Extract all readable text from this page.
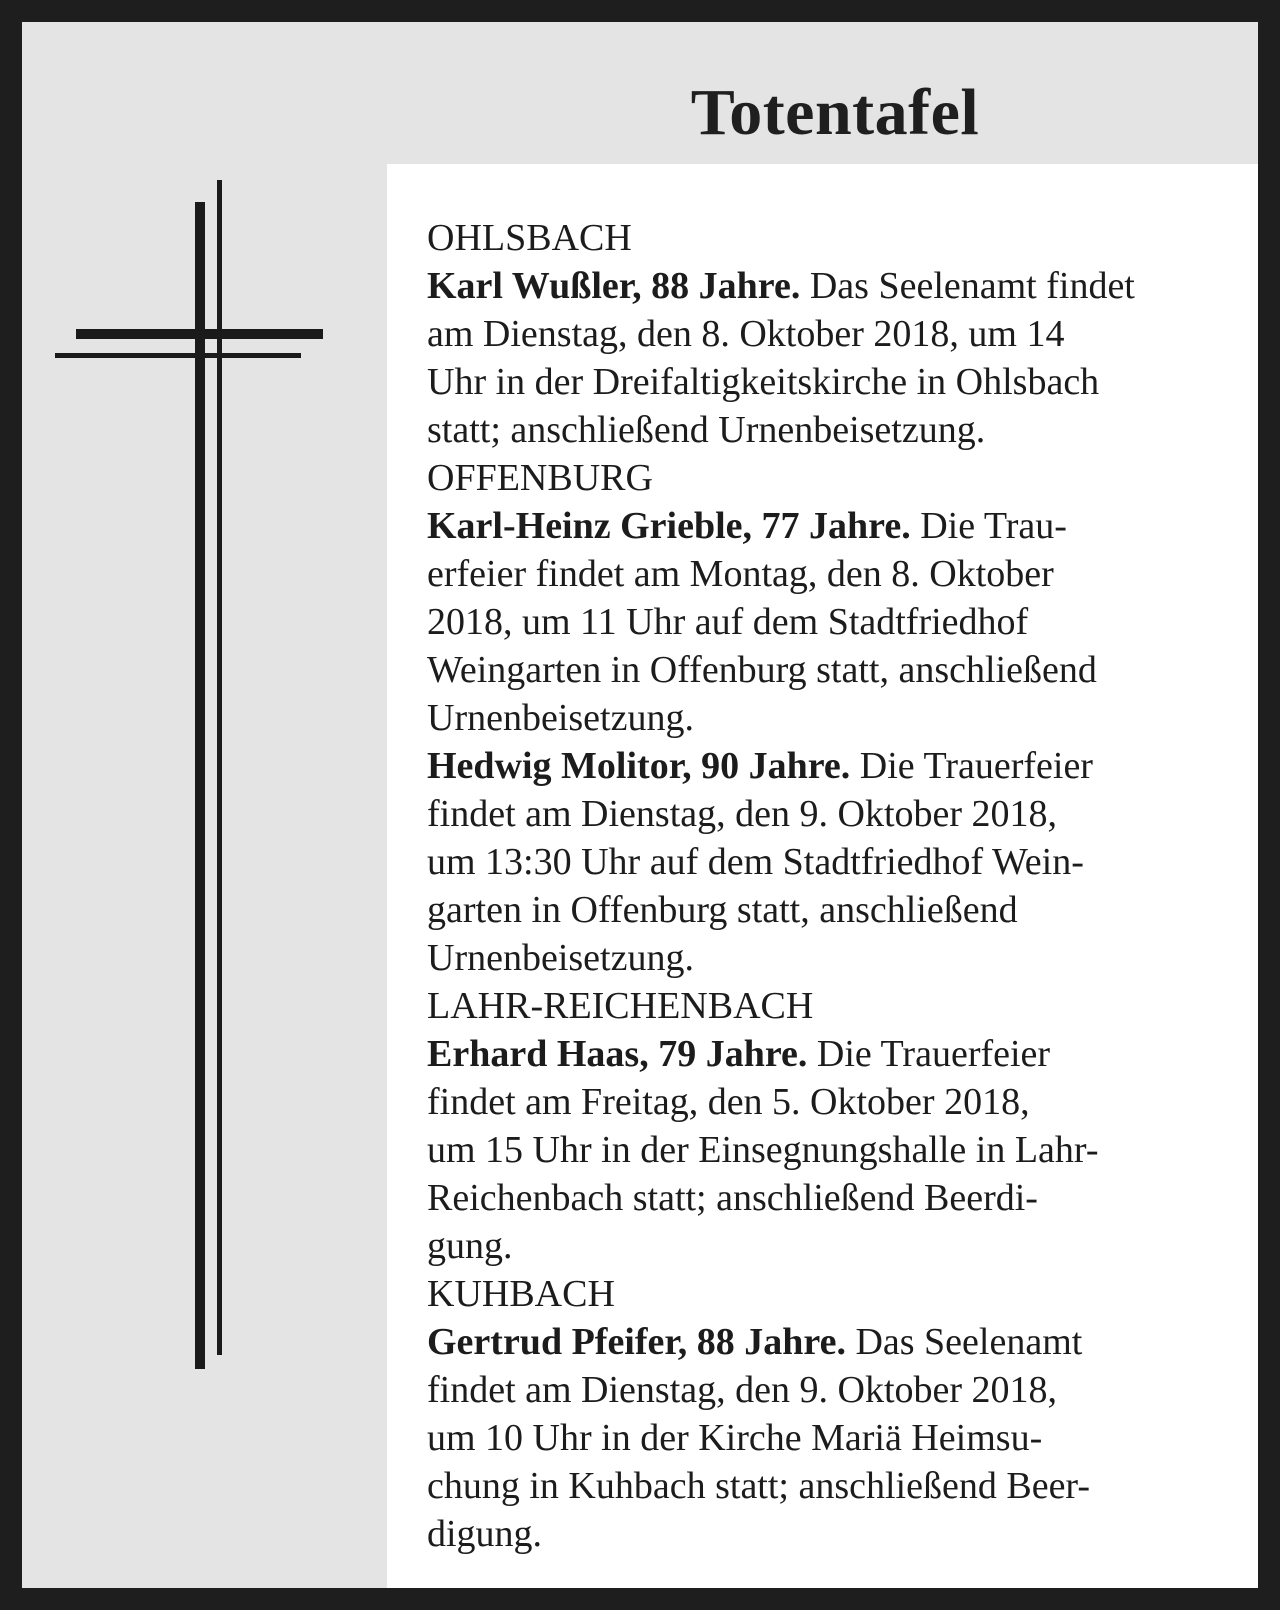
Totentafel
OHLSBACH
Karl Wußler, 88 Jahre. Das Seelenamt findet
am Dienstag, den 8. Oktober 2018, um 14
Uhr in der Dreifaltigkeitskirche in Ohlsbach
statt; anschließend Urnenbeisetzung.
OFFENBURG
Karl-Heinz Grieble, 77 Jahre. Die Trau-
erfeier findet am Montag, den 8. Oktober
2018, um 11 Uhr auf dem Stadtfriedhof
Weingarten in Offenburg statt, anschließend
Urnenbeisetzung.
Hedwig Molitor, 90 Jahre. Die Trauerfeier
findet am Dienstag, den 9. Oktober 2018,
um 13:30 Uhr auf dem Stadtfriedhof Wein-
garten in Offenburg statt, anschließend
Urnenbeisetzung.
LAHR-REICHENBACH
Erhard Haas, 79 Jahre. Die Trauerfeier
findet am Freitag, den 5. Oktober 2018,
um 15 Uhr in der Einsegnungshalle in Lahr-
Reichenbach statt; anschließend Beerdi-
gung.
KUHBACH
Gertrud Pfeifer, 88 Jahre. Das Seelenamt
findet am Dienstag, den 9. Oktober 2018,
um 10 Uhr in der Kirche Mariä Heimsu-
chung in Kuhbach statt; anschließend Beer-
digung.
